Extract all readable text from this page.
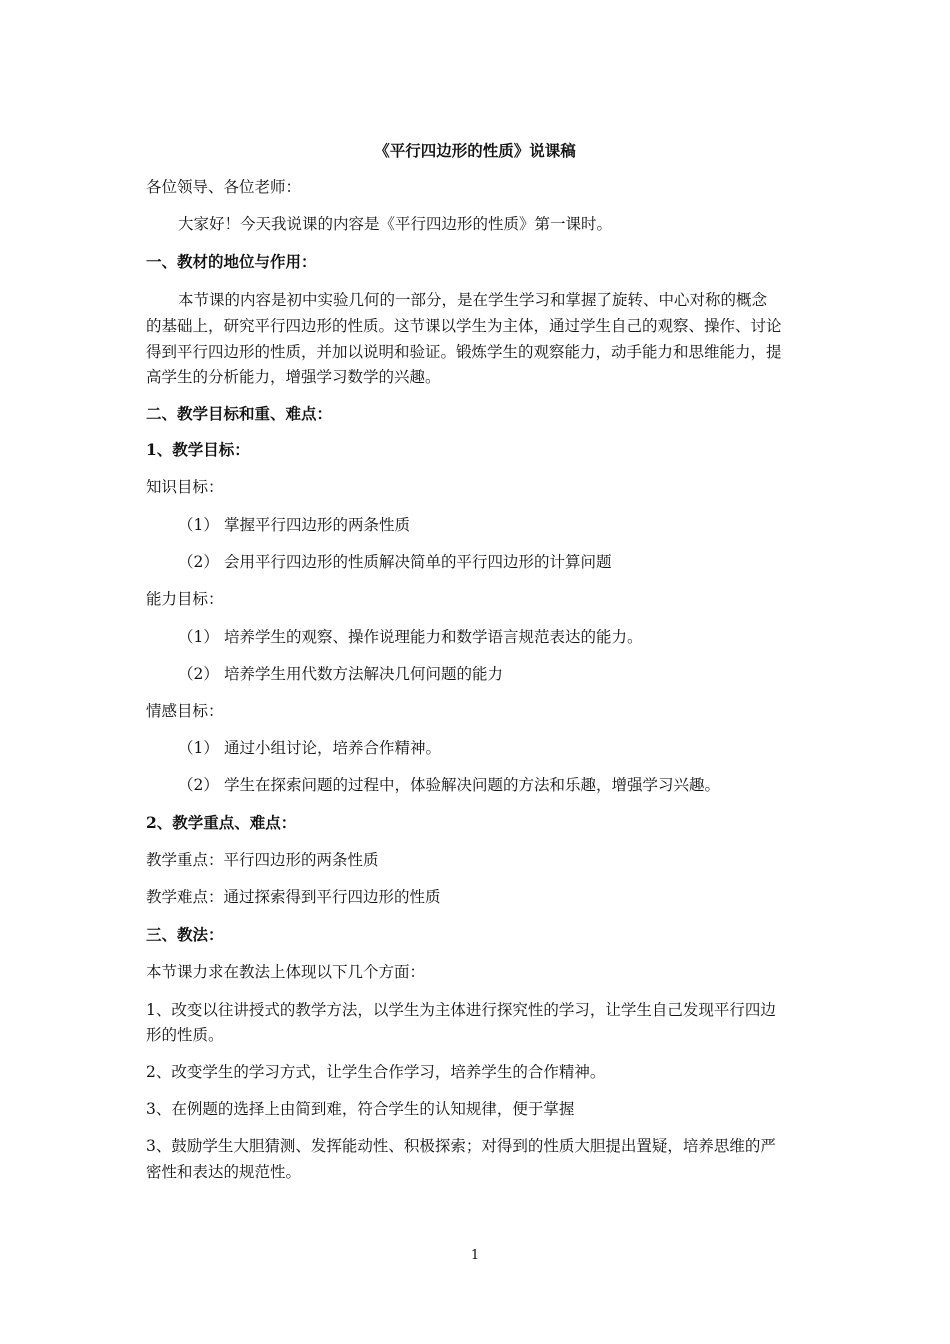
《平行四边形的性质》说课稿
各位领导、各位老师：
大家好！今天我说课的内容是《平行四边形的性质》第一课时。
一、教材的地位与作用：
本节课的内容是初中实验几何的一部分，是在学生学习和掌握了旋转、中心对称的概念
的基础上，研究平行四边形的性质。这节课以学生为主体，通过学生自己的观察、操作、讨论
得到平行四边形的性质，并加以说明和验证。锻炼学生的观察能力，动手能力和思维能力，提
高学生的分析能力，增强学习数学的兴趣。
二、教学目标和重、难点：
1、教学目标：
知识目标：
（1） 掌握平行四边形的两条性质
（2） 会用平行四边形的性质解决简单的平行四边形的计算问题
能力目标：
（1） 培养学生的观察、操作说理能力和数学语言规范表达的能力。
（2） 培养学生用代数方法解决几何问题的能力
情感目标：
（1） 通过小组讨论，培养合作精神。
（2） 学生在探索问题的过程中，体验解决问题的方法和乐趣，增强学习兴趣。
2、教学重点、难点：
教学重点：平行四边形的两条性质
教学难点：通过探索得到平行四边形的性质
三、教法：
本节课力求在教法上体现以下几个方面：
1、改变以往讲授式的教学方法，以学生为主体进行探究性的学习，让学生自己发现平行四边
形的性质。
2、改变学生的学习方式，让学生合作学习，培养学生的合作精神。
3、在例题的选择上由简到难，符合学生的认知规律，便于掌握
3、鼓励学生大胆猜测、发挥能动性、积极探索；对得到的性质大胆提出置疑，培养思维的严
密性和表达的规范性。
1
